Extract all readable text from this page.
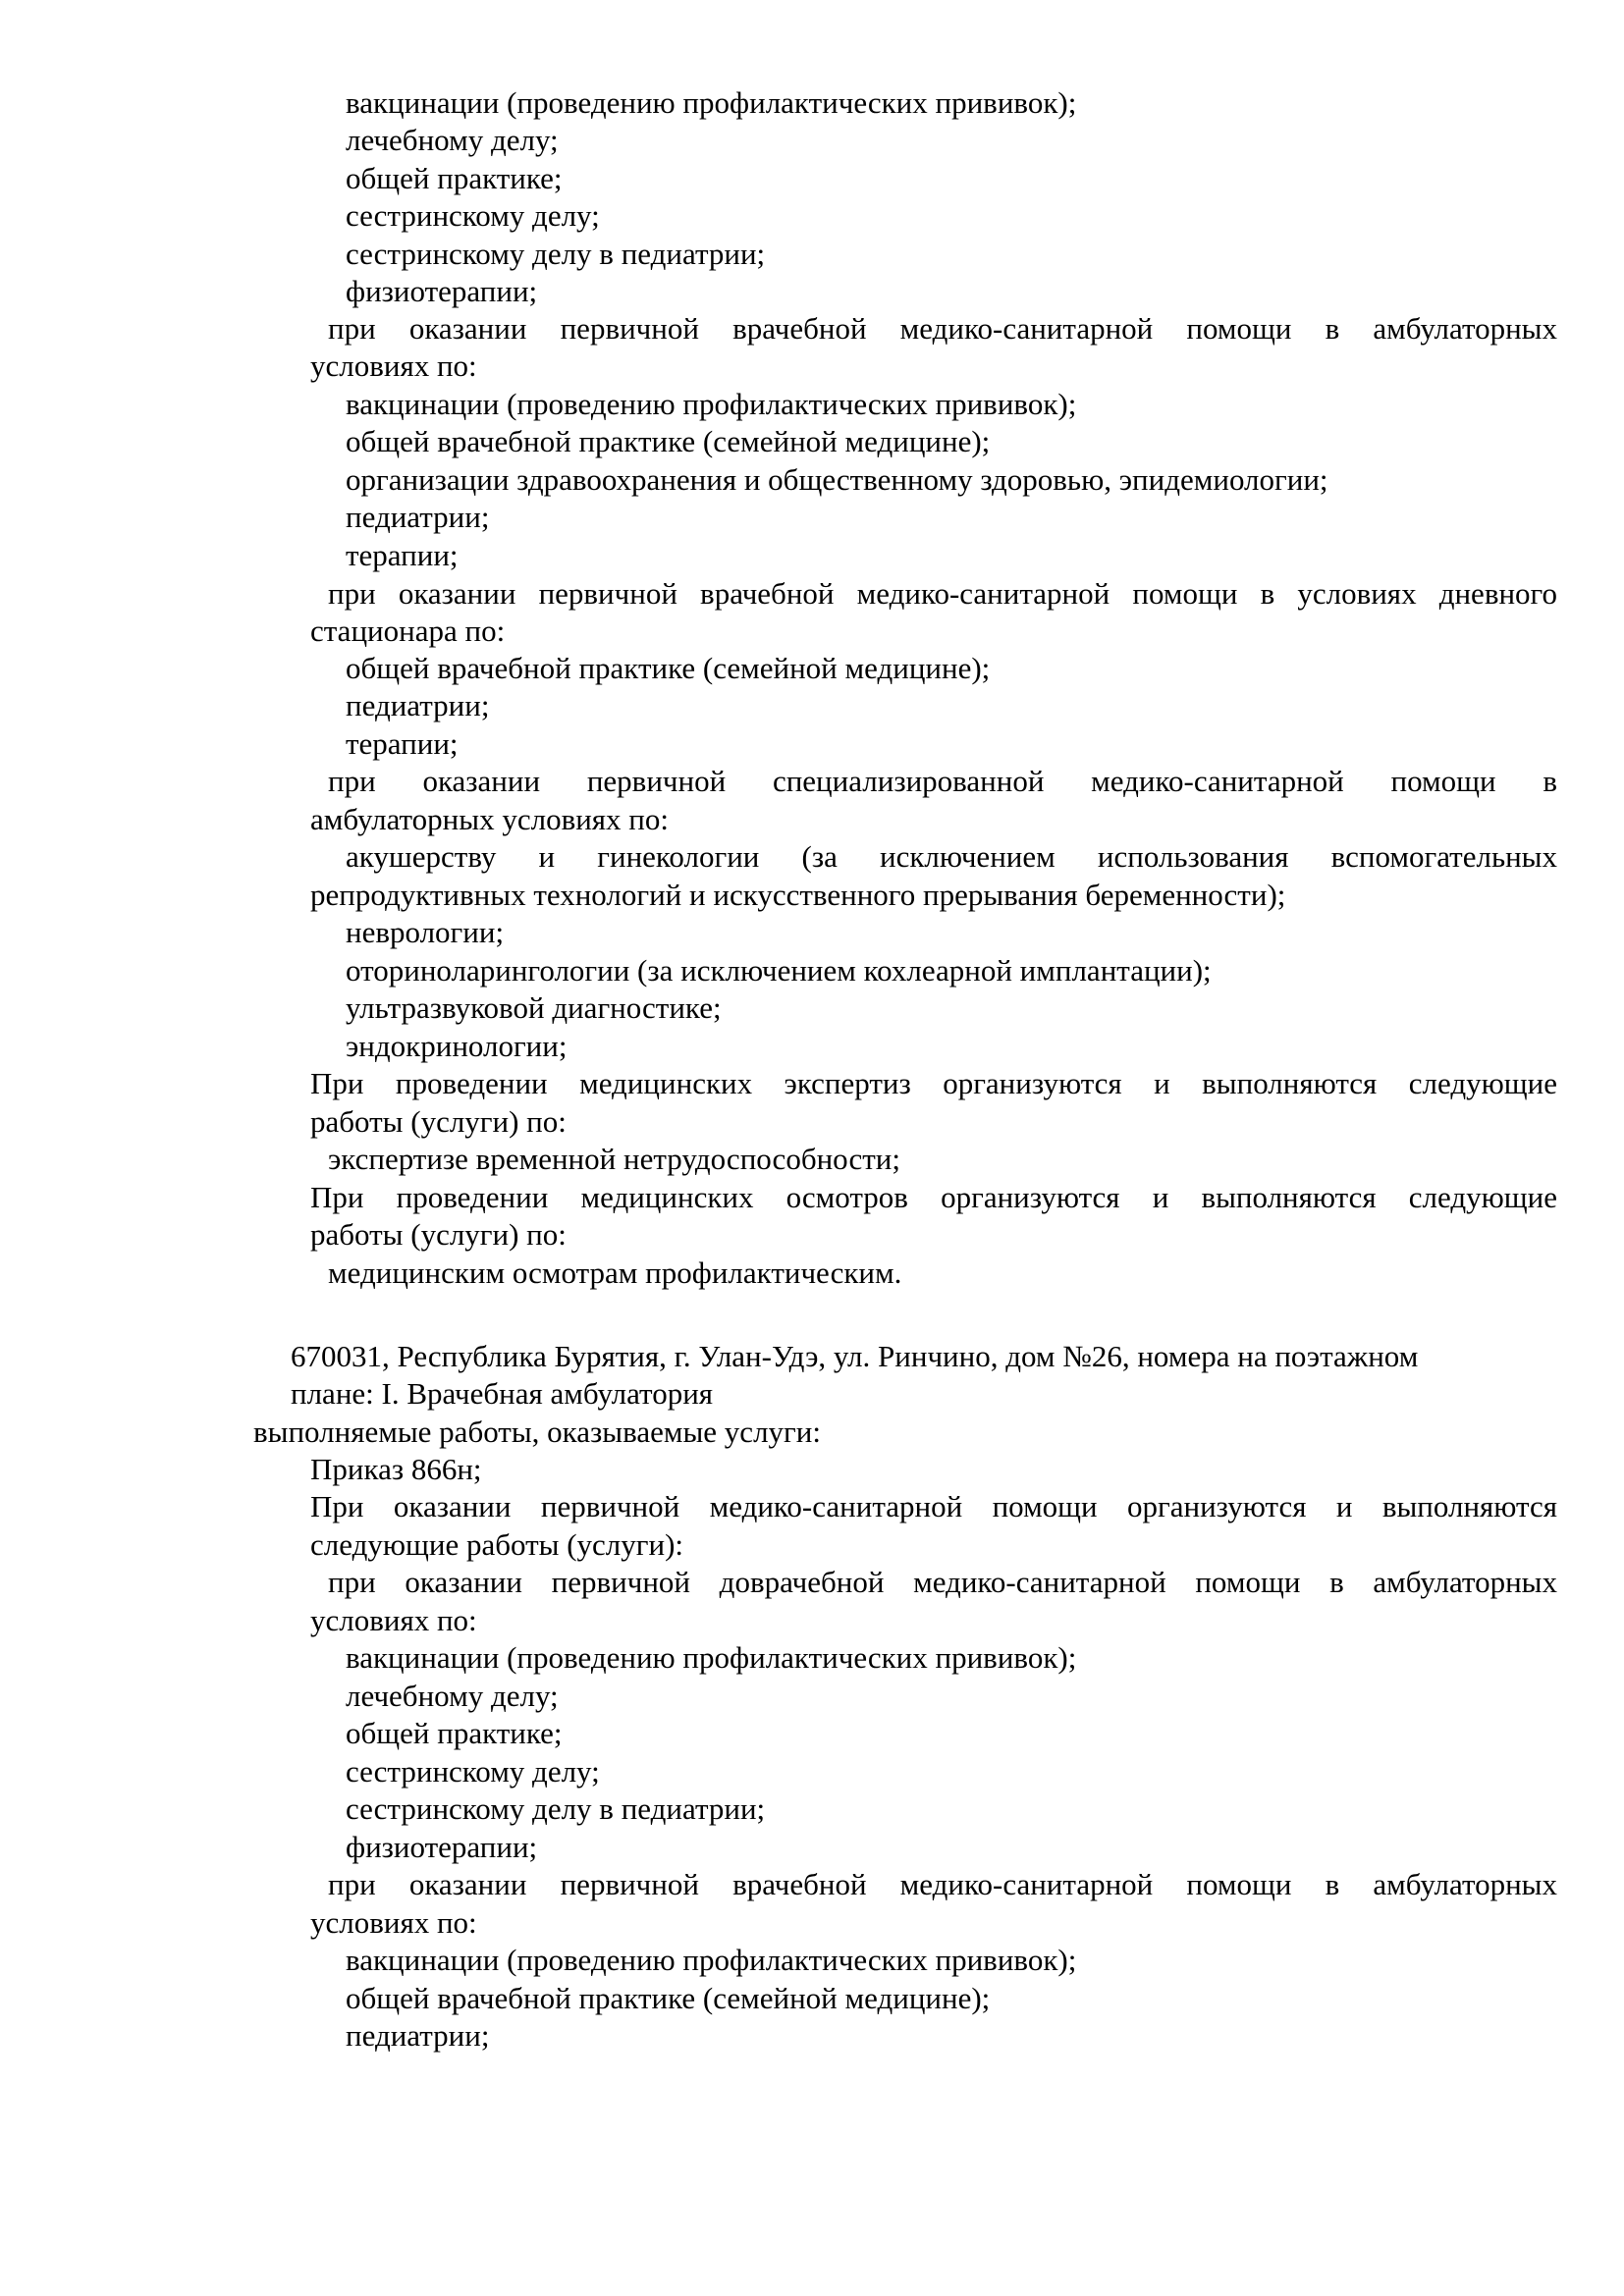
вакцинации (проведению профилактических прививок);
лечебному делу;
общей практике;
сестринскому делу;
сестринскому делу в педиатрии;
физиотерапии;
при оказании первичной врачебной медико-санитарной помощи в амбулаторных
условиях по:
вакцинации (проведению профилактических прививок);
общей врачебной практике (семейной медицине);
организации здравоохранения и общественному здоровью, эпидемиологии;
педиатрии;
терапии;
при оказании первичной врачебной медико-санитарной помощи в условиях дневного
стационара по:
общей врачебной практике (семейной медицине);
педиатрии;
терапии;
при оказании первичной специализированной медико-санитарной помощи в
амбулаторных условиях по:
акушерству и гинекологии (за исключением использования вспомогательных
репродуктивных технологий и искусственного прерывания беременности);
неврологии;
оториноларингологии (за исключением кохлеарной имплантации);
ультразвуковой диагностике;
эндокринологии;
При проведении медицинских экспертиз организуются и выполняются следующие
работы (услуги) по:
экспертизе временной нетрудоспособности;
При проведении медицинских осмотров организуются и выполняются следующие
работы (услуги) по:
медицинским осмотрам профилактическим.
670031, Республика Бурятия, г. Улан-Удэ, ул. Ринчино, дом №26, номера на поэтажном
плане: I. Врачебная амбулатория
выполняемые работы, оказываемые услуги:
Приказ 866н;
При оказании первичной медико-санитарной помощи организуются и выполняются
следующие работы (услуги):
при оказании первичной доврачебной медико-санитарной помощи в амбулаторных
условиях по:
вакцинации (проведению профилактических прививок);
лечебному делу;
общей практике;
сестринскому делу;
сестринскому делу в педиатрии;
физиотерапии;
при оказании первичной врачебной медико-санитарной помощи в амбулаторных
условиях по:
вакцинации (проведению профилактических прививок);
общей врачебной практике (семейной медицине);
педиатрии;
